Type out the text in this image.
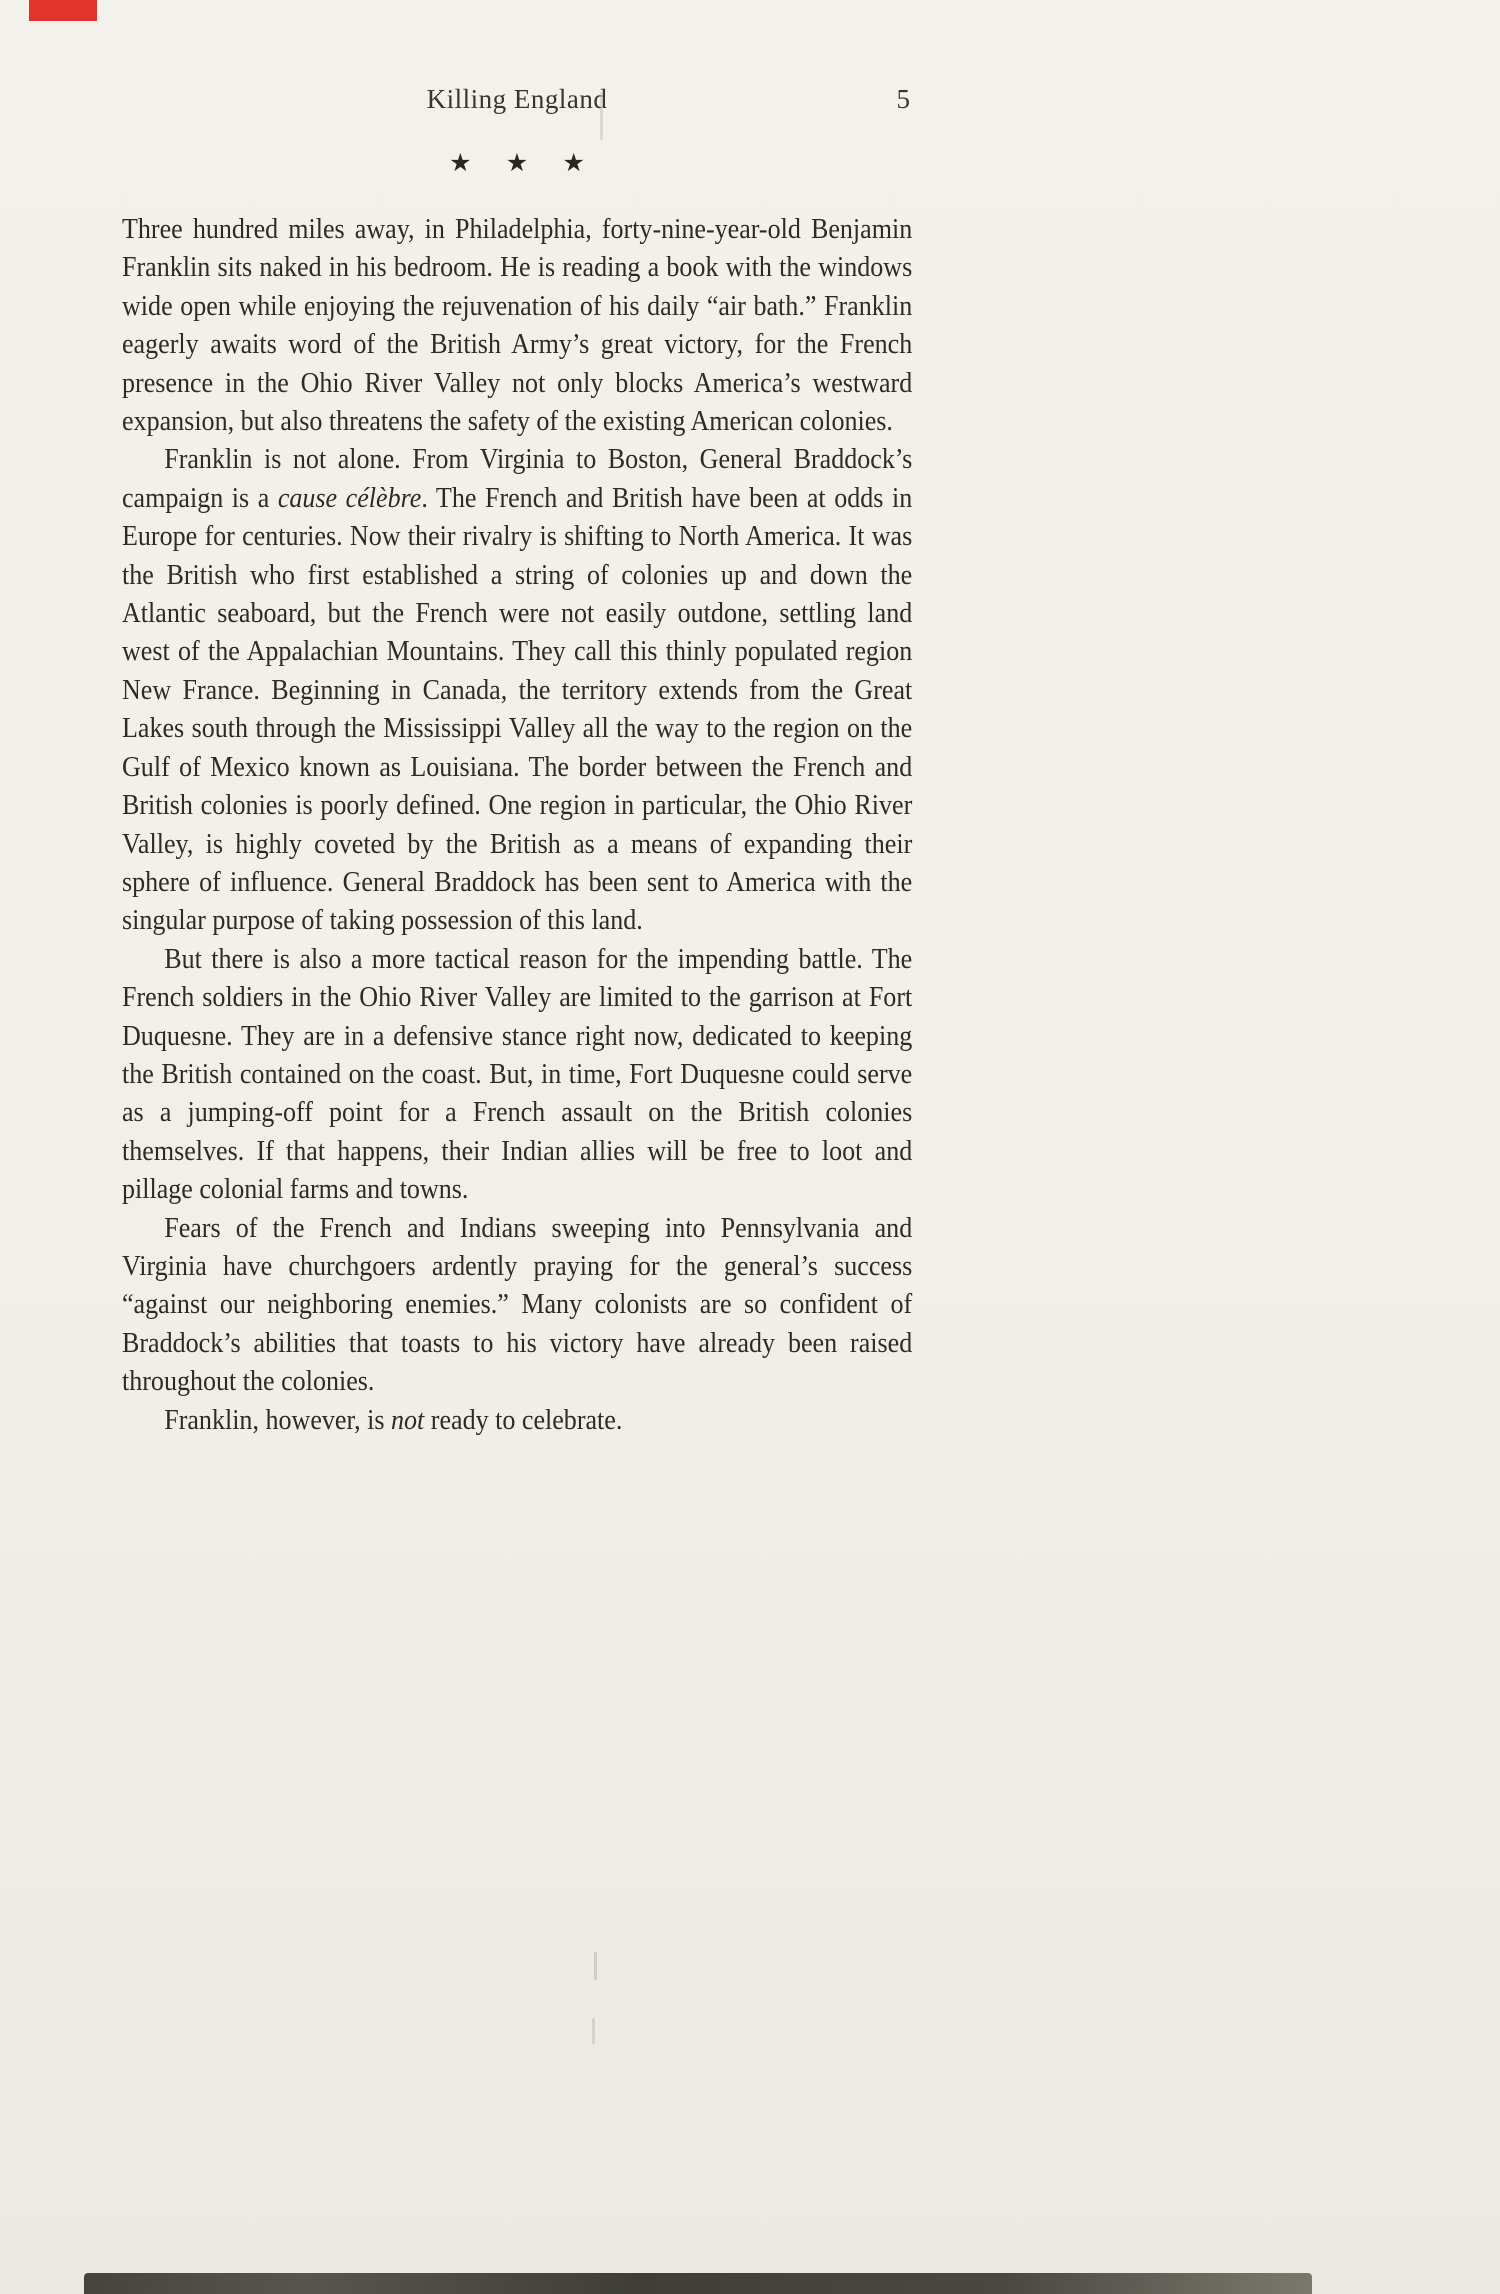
Killing England	5
★ ★ ★

Three hundred miles away, in Philadelphia, forty-nine-year-old Benjamin Franklin sits naked in his bedroom. He is reading a book with the windows wide open while enjoying the rejuvenation of his daily “air bath.” Franklin eagerly awaits word of the British Army’s great victory, for the French presence in the Ohio River Valley not only blocks America’s westward expansion, but also threatens the safety of the existing American colonies.

Franklin is not alone. From Virginia to Boston, General Braddock’s campaign is a cause célèbre. The French and British have been at odds in Europe for centuries. Now their rivalry is shifting to North America. It was the British who first established a string of colonies up and down the Atlantic seaboard, but the French were not easily outdone, settling land west of the Appalachian Mountains. They call this thinly populated region New France. Beginning in Canada, the territory extends from the Great Lakes south through the Mississippi Valley all the way to the region on the Gulf of Mexico known as Louisiana. The border between the French and British colonies is poorly defined. One region in particular, the Ohio River Valley, is highly coveted by the British as a means of expanding their sphere of influence. General Braddock has been sent to America with the singular purpose of taking possession of this land.

But there is also a more tactical reason for the impending battle. The French soldiers in the Ohio River Valley are limited to the garrison at Fort Duquesne. They are in a defensive stance right now, dedicated to keeping the British contained on the coast. But, in time, Fort Duquesne could serve as a jumping-off point for a French assault on the British colonies themselves. If that happens, their Indian allies will be free to loot and pillage colonial farms and towns.

Fears of the French and Indians sweeping into Pennsylvania and Virginia have churchgoers ardently praying for the general’s success “against our neighboring enemies.” Many colonists are so confident of Braddock’s abilities that toasts to his victory have already been raised throughout the colonies.

Franklin, however, is not ready to celebrate.
